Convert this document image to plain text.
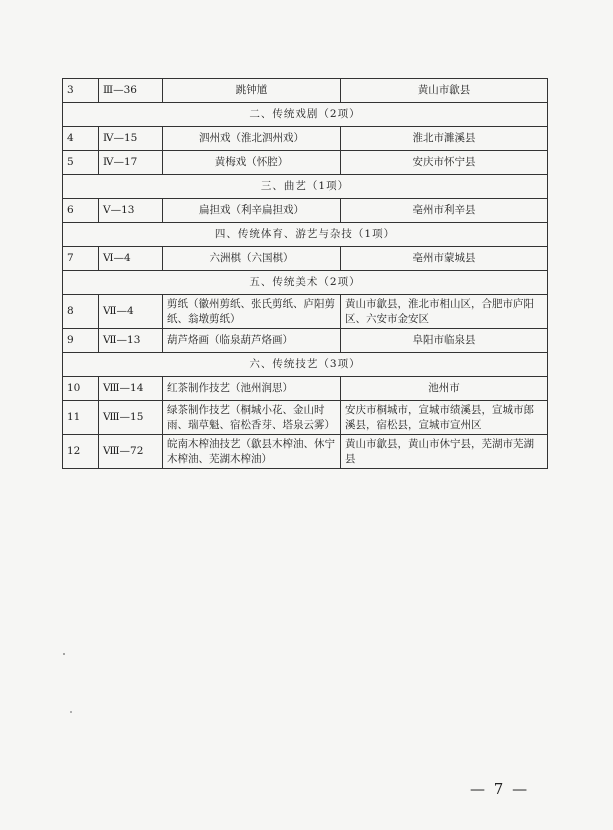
3	Ⅲ—36	跳钟馗	黄山市歙县
二、传统戏剧（2项）			
4	Ⅳ—15	泗州戏（淮北泗州戏）	淮北市濉溪县
5	Ⅳ—17	黄梅戏（怀腔）	安庆市怀宁县
三、曲艺（1项）			
6	Ⅴ—13	扁担戏（利辛扁担戏）	亳州市利辛县
四、传统体育、游艺与杂技（1项）			
7	Ⅵ—4	六洲棋（六国棋）	亳州市蒙城县
五、传统美术（2项）			
8	Ⅶ—4	剪纸（徽州剪纸、张氏剪纸、庐阳剪纸、翁墩剪纸）	黄山市歙县，淮北市相山区，合肥市庐阳区、六安市金安区
9	Ⅶ—13	葫芦烙画（临泉葫芦烙画）	阜阳市临泉县
六、传统技艺（3项）			
10	Ⅷ—14	红茶制作技艺（池州润思）	池州市
11	Ⅷ—15	绿茶制作技艺（桐城小花、金山时雨、瑞草魁、宿松香芽、塔泉云雾）	安庆市桐城市，宣城市绩溪县，宣城市郎溪县，宿松县，宣城市宣州区
12	Ⅷ—72	皖南木榨油技艺（歙县木榨油、休宁木榨油、芜湖木榨油）	黄山市歙县，黄山市休宁县，芜湖市芜湖县
— 7 —
